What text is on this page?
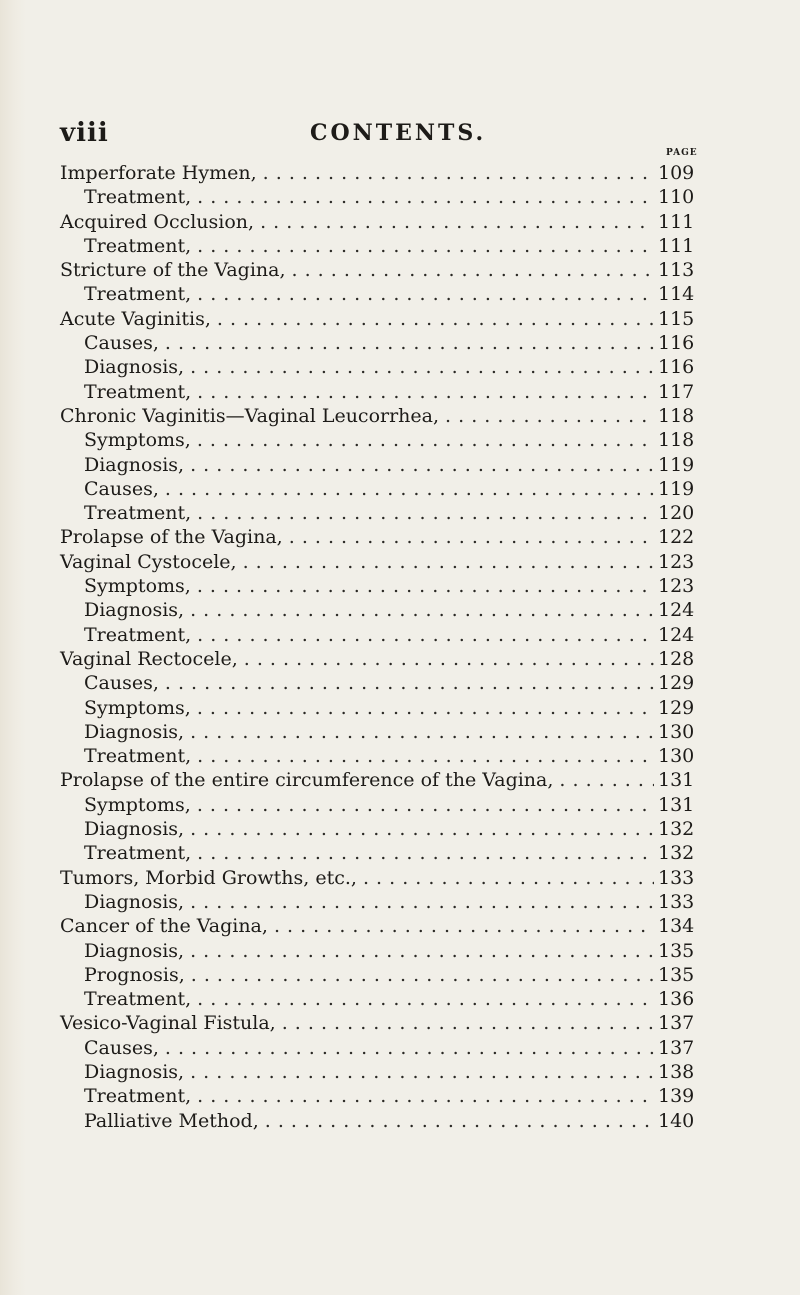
viii	CONTENTS.
PAGE
Imperforate Hymen, . . .	109
Treatment, . . .	110
Acquired Occlusion, . . .	111
Treatment, . . .	111
Stricture of the Vagina, . . .	113
Treatment, . . .	114
Acute Vaginitis, . . .	115
Causes, . . .	116
Diagnosis, . . .	116
Treatment, . . .	117
Chronic Vaginitis—Vaginal Leucorrhea, . . .	118
Symptoms, . . .	118
Diagnosis, . . .	119
Causes, . . .	119
Treatment, . . .	120
Prolapse of the Vagina, . . .	122
Vaginal Cystocele, . . .	123
Symptoms, . . .	123
Diagnosis, . . .	124
Treatment, . . .	124
Vaginal Rectocele, . . .	128
Causes, . . .	129
Symptoms, . . .	129
Diagnosis, . . .	130
Treatment, . . .	130
Prolapse of the entire circumference of the Vagina, . . .	131
Symptoms, . . .	131
Diagnosis, . . .	132
Treatment, . . .	132
Tumors, Morbid Growths, etc., . . .	133
Diagnosis, . . .	133
Cancer of the Vagina, . . .	134
Diagnosis, . . .	135
Prognosis, . . .	135
Treatment, . . .	136
Vesico-Vaginal Fistula, . . .	137
Causes, . . .	137
Diagnosis, . . .	138
Treatment, . . .	139
Palliative Method, . . .	140
